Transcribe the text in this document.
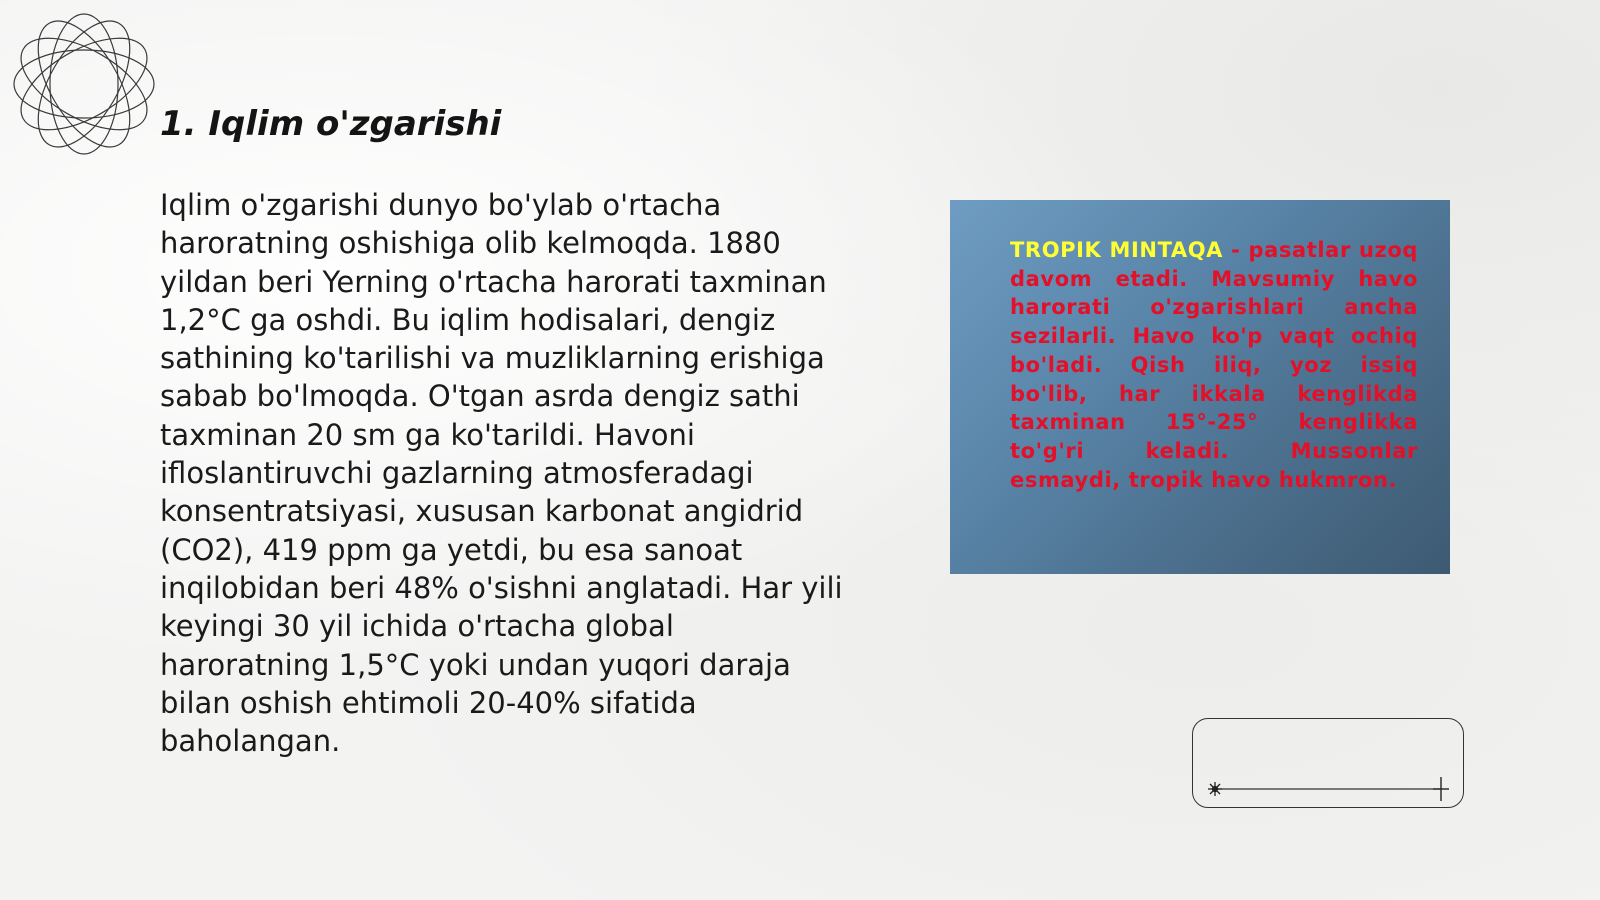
1. Iqlim o'zgarishi

Iqlim o'zgarishi dunyo bo'ylab o'rtacha haroratning oshishiga olib kelmoqda. 1880 yildan beri Yerning o'rtacha harorati taxminan 1,2°C ga oshdi. Bu iqlim hodisalari, dengiz sathining ko'tarilishi va muzliklarning erishiga sabab bo'lmoqda. O'tgan asrda dengiz sathi taxminan 20 sm ga ko'tarildi. Havoni ifloslantiruvchi gazlarning atmosferadagi konsentratsiyasi, xususan karbonat angidrid (CO2), 419 ppm ga yetdi, bu esa sanoat inqilobidan beri 48% o'sishni anglatadi. Har yili keyingi 30 yil ichida o'rtacha global haroratning 1,5°C yoki undan yuqori daraja bilan oshish ehtimoli 20-40% sifatida baholangan.

TROPIK MINTAQA - pasatlar uzoq davom etadi. Mavsumiy havo harorati o'zgarishlari ancha sezilarli. Havo ko'p vaqt ochiq bo'ladi. Qish iliq, yoz issiq bo'lib, har ikkala kenglikda taxminan 15°-25° kenglikka to'g'ri keladi. Mussonlar esmaydi, tropik havo hukmron.
